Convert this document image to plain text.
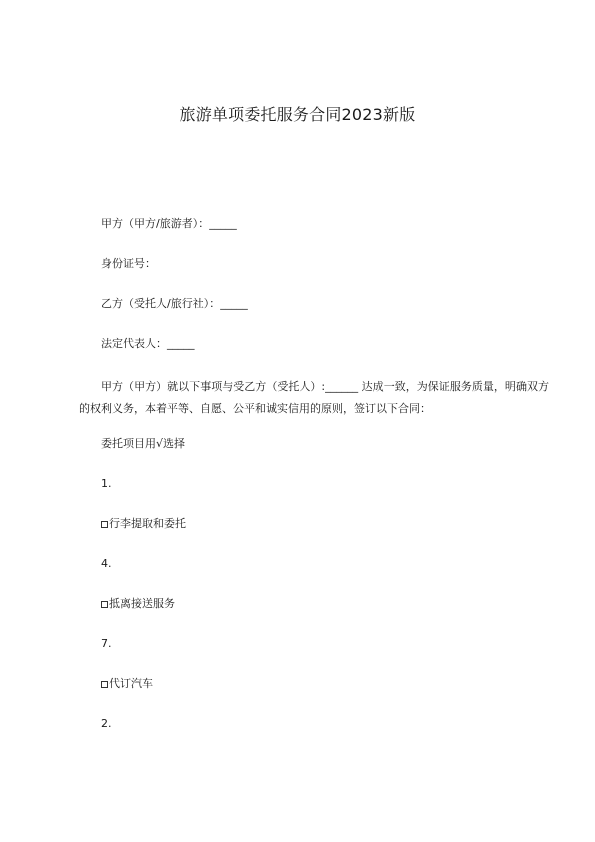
旅游单项委托服务合同2023新版
甲方（甲方/旅游者）：_____
身份证号：
乙方（受托人/旅行社）：_____
法定代表人：_____
甲方（甲方）就以下事项与受乙方（受托人）:______ 达成一致，为保证服务质量，明确双方的权利义务，本着平等、自愿、公平和诚实信用的原则，签订以下合同：
委托项目用√选择
1.
行李提取和委托
4.
抵离接送服务
7.
代订汽车
2.
